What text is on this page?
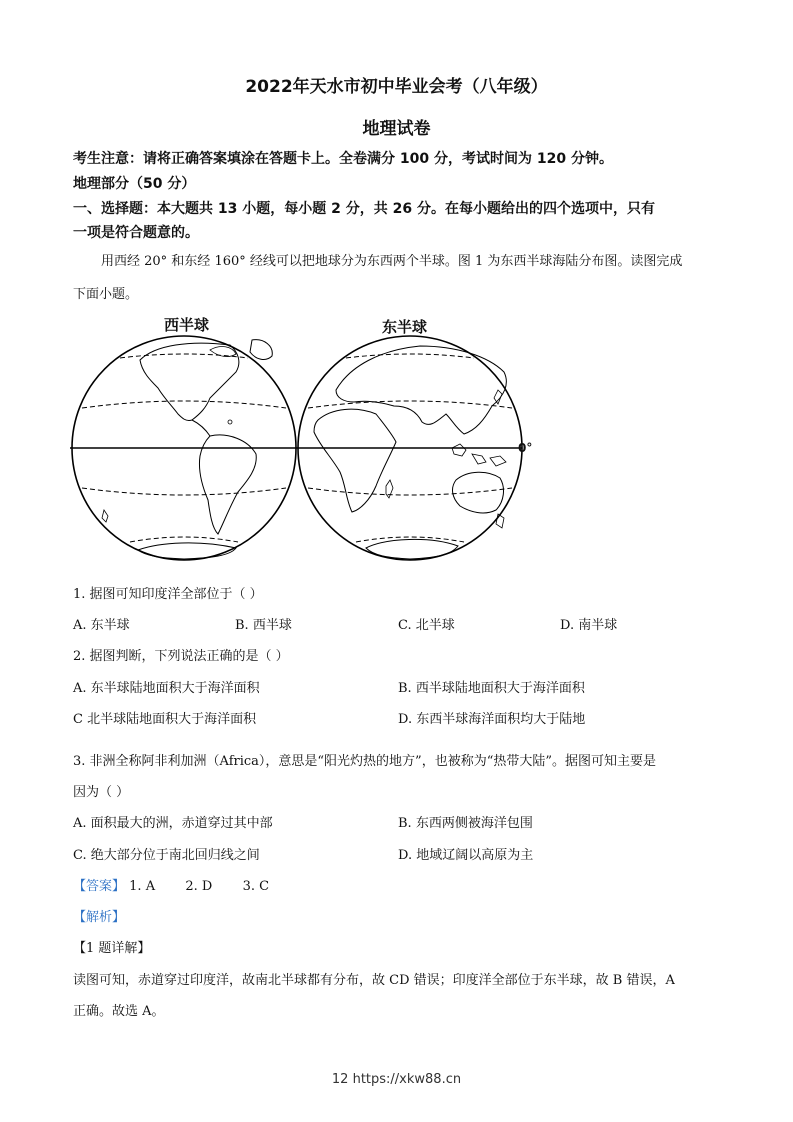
2022年天水市初中毕业会考（八年级）
地理试卷
考生注意：请将正确答案填涂在答题卡上。全卷满分 100 分，考试时间为 120 分钟。
地理部分（50 分）
一、选择题：本大题共 13 小题，每小题 2 分，共 26 分。在每小题给出的四个选项中，只有
一项是符合题意的。
用西经 20° 和东经 160° 经线可以把地球分为东西两个半球。图 1 为东西半球海陆分布图。读图完成
下面小题。
西半球	东半球
0°
1. 据图可知印度洋全部位于（ ）
A. 东半球	B. 西半球	C. 北半球	D. 南半球
2. 据图判断，下列说法正确的是（ ）
A. 东半球陆地面积大于海洋面积	B. 西半球陆地面积大于海洋面积
C 北半球陆地面积大于海洋面积	D. 东西半球海洋面积均大于陆地
3. 非洲全称阿非利加洲（Africa），意思是“阳光灼热的地方”，也被称为“热带大陆”。据图可知主要是
因为（ ）
A. 面积最大的洲，赤道穿过其中部	B. 东西两侧被海洋包围
C. 绝大部分位于南北回归线之间	D. 地域辽阔以高原为主
【答案】 1. A 2. D 3. C
【解析】
【1 题详解】
读图可知，赤道穿过印度洋，故南北半球都有分布，故 CD 错误；印度洋全部位于东半球，故 B 错误，A
正确。故选 A。
12 https://xkw88.cn
